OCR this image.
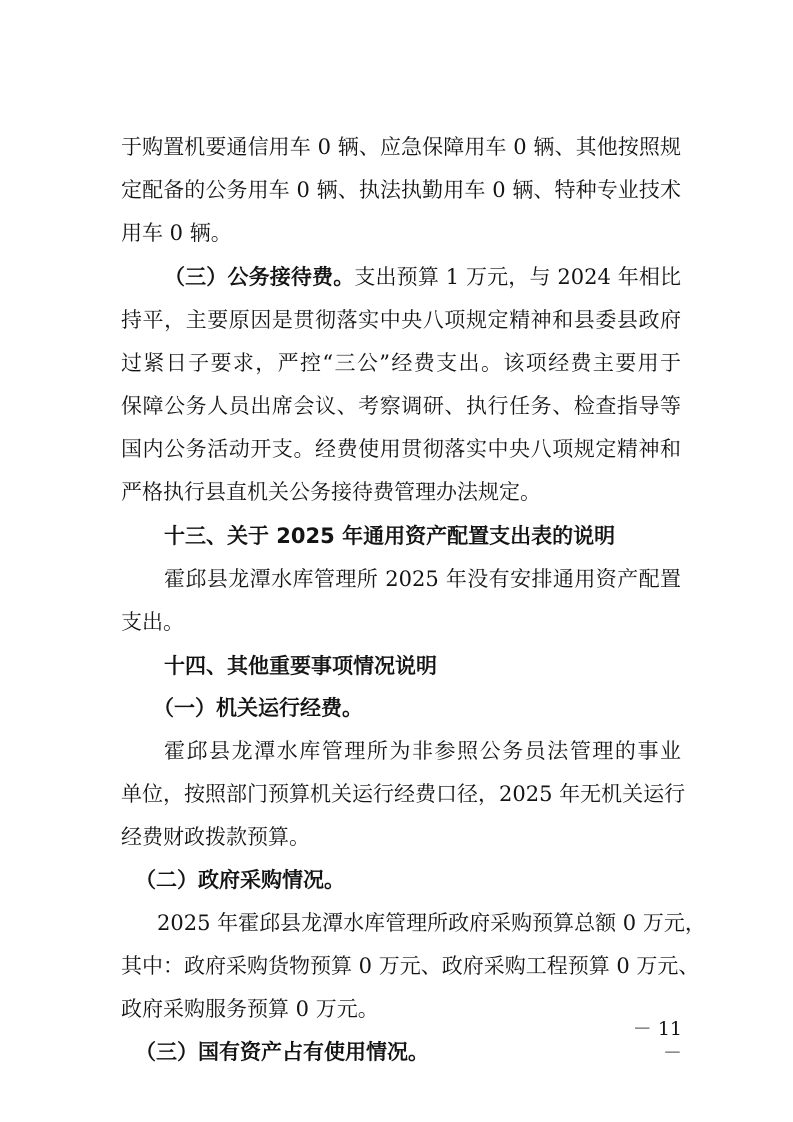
于购置机要通信用车 0 辆、应急保障用车 0 辆、其他按照规
定配备的公务用车 0 辆、执法执勤用车 0 辆、特种专业技术
用车 0 辆。
（三）公务接待费。支出预算 1 万元，与 2024 年相比
持平，主要原因是贯彻落实中央八项规定精神和县委县政府
过紧日子要求，严控“三公”经费支出。该项经费主要用于
保障公务人员出席会议、考察调研、执行任务、检查指导等
国内公务活动开支。经费使用贯彻落实中央八项规定精神和
严格执行县直机关公务接待费管理办法规定。
十三、关于 2025 年通用资产配置支出表的说明
霍邱县龙潭水库管理所 2025 年没有安排通用资产配置
支出。
十四、其他重要事项情况说明
（一）机关运行经费。
霍邱县龙潭水库管理所为非参照公务员法管理的事业
单位，按照部门预算机关运行经费口径，2025 年无机关运行
经费财政拨款预算。
（二）政府采购情况。
2025 年霍邱县龙潭水库管理所政府采购预算总额 0 万元，
其中：政府采购货物预算 0 万元、政府采购工程预算 0 万元、
政府采购服务预算 0 万元。
（三）国有资产占有使用情况。
－ 11 －
